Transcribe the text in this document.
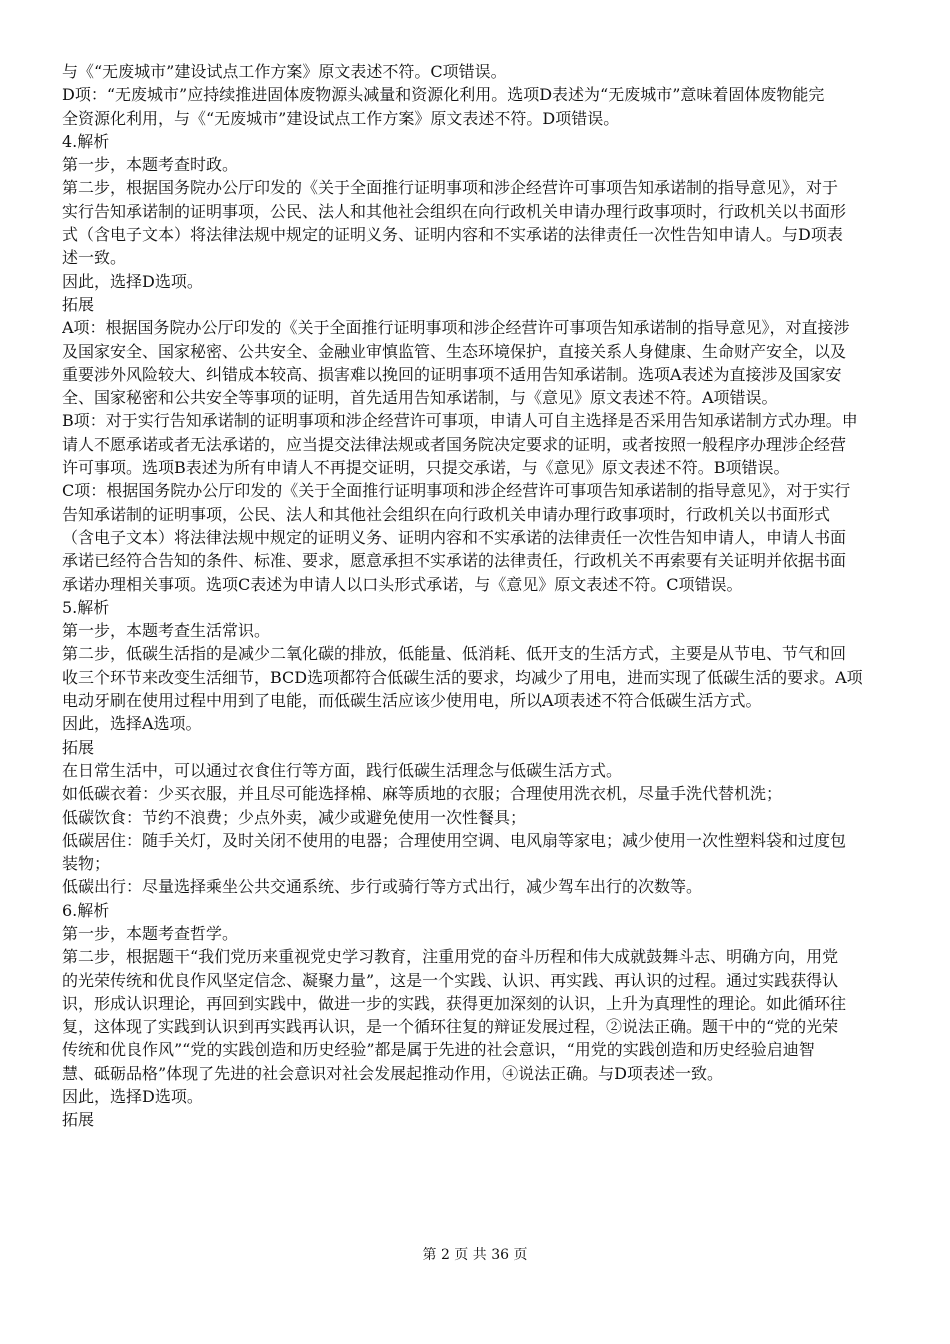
与《“无废城市”建设试点工作方案》原文表述不符。C项错误。

D项：“无废城市”应持续推进固体废物源头减量和资源化利用。选项D表述为“无废城市”意味着固体废物能完

全资源化利用，与《“无废城市”建设试点工作方案》原文表述不符。D项错误。

4.解析

第一步，本题考查时政。

第二步，根据国务院办公厅印发的《关于全面推行证明事项和涉企经营许可事项告知承诺制的指导意见》，对于

实行告知承诺制的证明事项，公民、法人和其他社会组织在向行政机关申请办理行政事项时，行政机关以书面形

式（含电子文本）将法律法规中规定的证明义务、证明内容和不实承诺的法律责任一次性告知申请人。与D项表

述一致。

因此，选择D选项。

拓展

A项：根据国务院办公厅印发的《关于全面推行证明事项和涉企经营许可事项告知承诺制的指导意见》，对直接涉

及国家安全、国家秘密、公共安全、金融业审慎监管、生态环境保护，直接关系人身健康、生命财产安全，以及

重要涉外风险较大、纠错成本较高、损害难以挽回的证明事项不适用告知承诺制。选项A表述为直接涉及国家安

全、国家秘密和公共安全等事项的证明，首先适用告知承诺制，与《意见》原文表述不符。A项错误。

B项：对于实行告知承诺制的证明事项和涉企经营许可事项，申请人可自主选择是否采用告知承诺制方式办理。申

请人不愿承诺或者无法承诺的，应当提交法律法规或者国务院决定要求的证明，或者按照一般程序办理涉企经营

许可事项。选项B表述为所有申请人不再提交证明，只提交承诺，与《意见》原文表述不符。B项错误。

C项：根据国务院办公厅印发的《关于全面推行证明事项和涉企经营许可事项告知承诺制的指导意见》，对于实行

告知承诺制的证明事项，公民、法人和其他社会组织在向行政机关申请办理行政事项时，行政机关以书面形式

（含电子文本）将法律法规中规定的证明义务、证明内容和不实承诺的法律责任一次性告知申请人，申请人书面

承诺已经符合告知的条件、标准、要求，愿意承担不实承诺的法律责任，行政机关不再索要有关证明并依据书面

承诺办理相关事项。选项C表述为申请人以口头形式承诺，与《意见》原文表述不符。C项错误。

5.解析

第一步，本题考查生活常识。

第二步，低碳生活指的是减少二氧化碳的排放，低能量、低消耗、低开支的生活方式，主要是从节电、节气和回

收三个环节来改变生活细节，BCD选项都符合低碳生活的要求，均减少了用电，进而实现了低碳生活的要求。A项

电动牙刷在使用过程中用到了电能，而低碳生活应该少使用电，所以A项表述不符合低碳生活方式。

因此，选择A选项。

拓展

在日常生活中，可以通过衣食住行等方面，践行低碳生活理念与低碳生活方式。

如低碳衣着：少买衣服，并且尽可能选择棉、麻等质地的衣服；合理使用洗衣机，尽量手洗代替机洗；

低碳饮食：节约不浪费；少点外卖，减少或避免使用一次性餐具；

低碳居住：随手关灯，及时关闭不使用的电器；合理使用空调、电风扇等家电；减少使用一次性塑料袋和过度包

装物；

低碳出行：尽量选择乘坐公共交通系统、步行或骑行等方式出行，减少驾车出行的次数等。

6.解析

第一步，本题考查哲学。

第二步，根据题干“我们党历来重视党史学习教育，注重用党的奋斗历程和伟大成就鼓舞斗志、明确方向，用党

的光荣传统和优良作风坚定信念、凝聚力量”，这是一个实践、认识、再实践、再认识的过程。通过实践获得认

识，形成认识理论，再回到实践中，做进一步的实践，获得更加深刻的认识，上升为真理性的理论。如此循环往

复，这体现了实践到认识到再实践再认识，是一个循环往复的辩证发展过程，②说法正确。题干中的“党的光荣

传统和优良作风”“党的实践创造和历史经验”都是属于先进的社会意识，“用党的实践创造和历史经验启迪智

慧、砥砺品格”体现了先进的社会意识对社会发展起推动作用，④说法正确。与D项表述一致。

因此，选择D选项。

拓展

第 2 页 共 36 页
